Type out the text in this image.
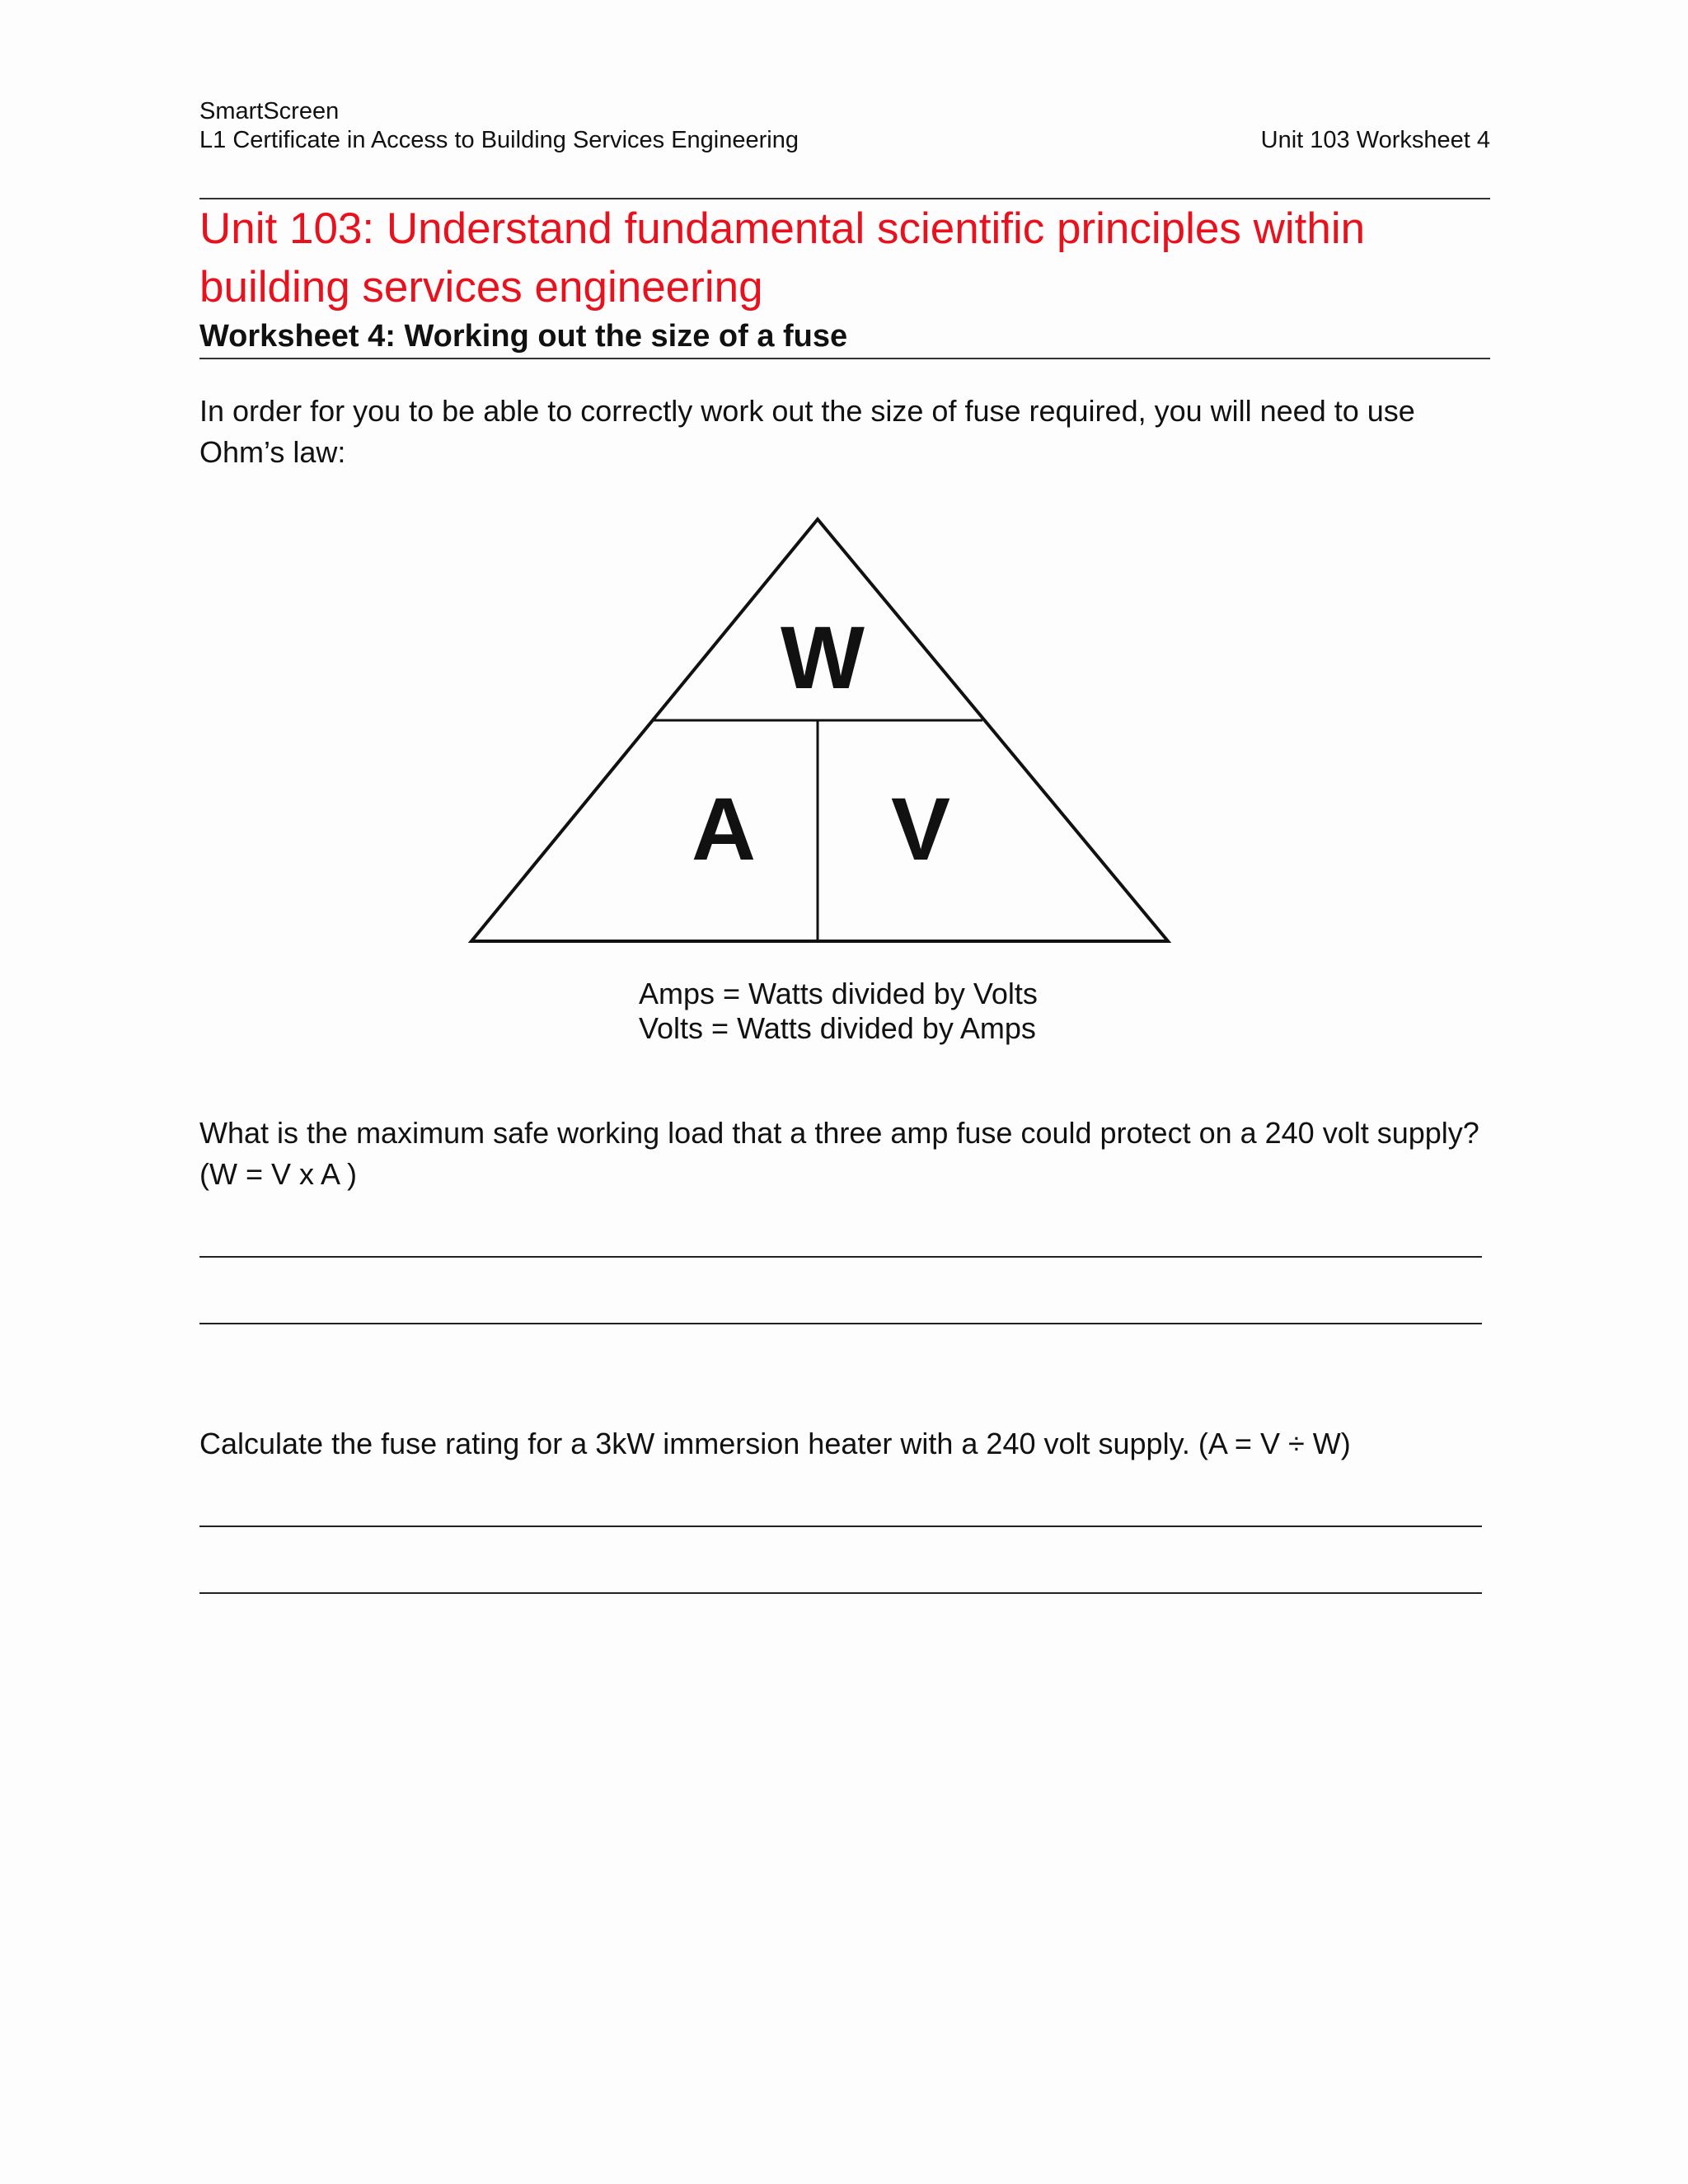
SmartScreen
L1 Certificate in Access to Building Services Engineering	Unit 103 Worksheet 4
Unit 103: Understand fundamental scientific principles within building services engineering
Worksheet 4: Working out the size of a fuse
In order for you to be able to correctly work out the size of fuse required, you will need to use Ohm’s law:
W
A V
Amps = Watts divided by Volts
Volts = Watts divided by Amps
What is the maximum safe working load that a three amp fuse could protect on a 240 volt supply? (W = V x A )
Calculate the fuse rating for a 3kW immersion heater with a 240 volt supply. (A = V ÷ W)
